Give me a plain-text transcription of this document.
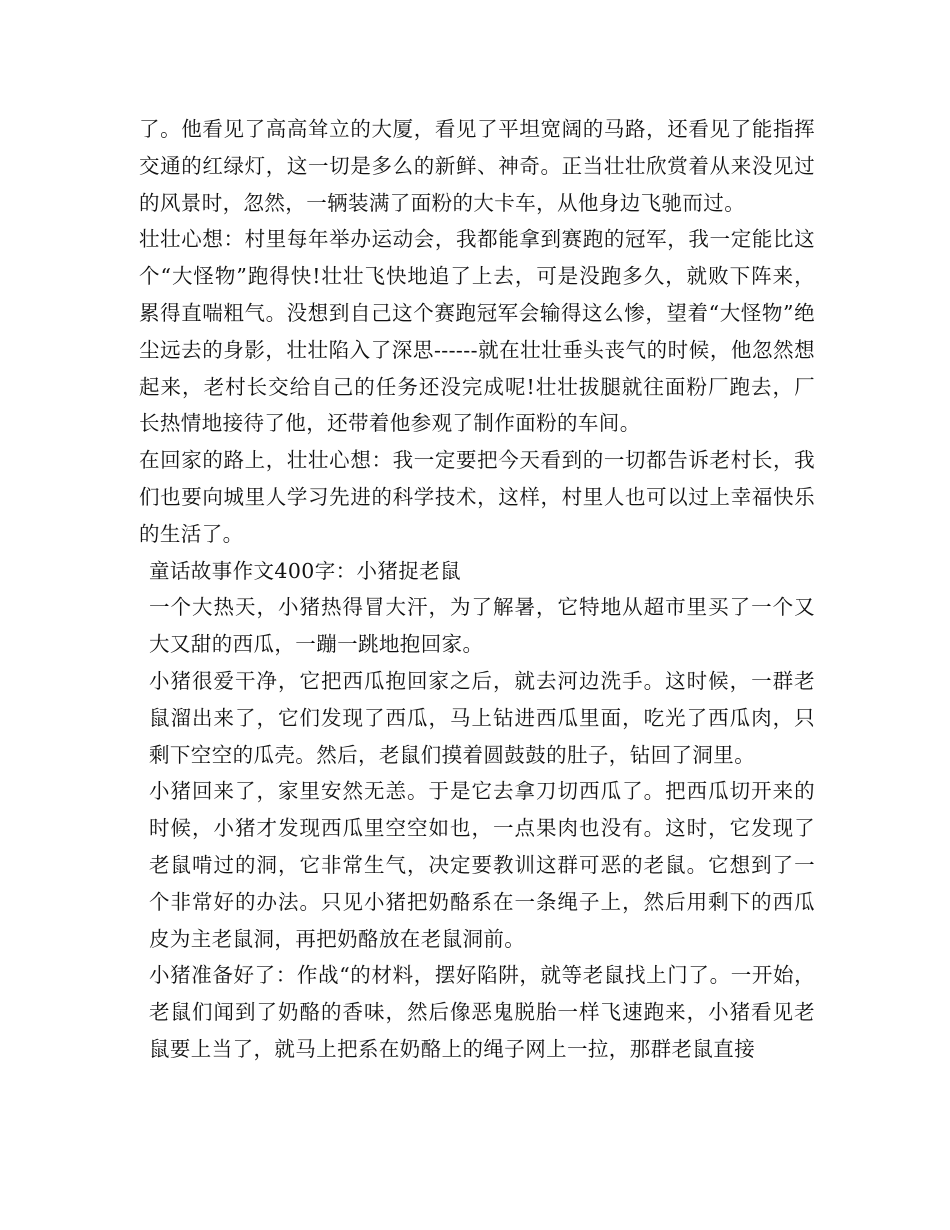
了。他看见了高高耸立的大厦，看见了平坦宽阔的马路，还看见了能指挥交通的红绿灯，这一切是多么的新鲜、神奇。正当壮壮欣赏着从来没见过的风景时，忽然，一辆装满了面粉的大卡车，从他身边飞驰而过。

壮壮心想：村里每年举办运动会，我都能拿到赛跑的冠军，我一定能比这个“大怪物”跑得快!壮壮飞快地追了上去，可是没跑多久，就败下阵来，累得直喘粗气。没想到自己这个赛跑冠军会输得这么惨，望着“大怪物”绝尘远去的身影，壮壮陷入了深思------就在壮壮垂头丧气的时候，他忽然想起来，老村长交给自己的任务还没完成呢!壮壮拔腿就往面粉厂跑去，厂长热情地接待了他，还带着他参观了制作面粉的车间。

在回家的路上，壮壮心想：我一定要把今天看到的一切都告诉老村长，我们也要向城里人学习先进的科学技术，这样，村里人也可以过上幸福快乐的生活了。

童话故事作文400字：小猪捉老鼠

一个大热天，小猪热得冒大汗，为了解暑，它特地从超市里买了一个又大又甜的西瓜，一蹦一跳地抱回家。

小猪很爱干净，它把西瓜抱回家之后，就去河边洗手。这时候，一群老鼠溜出来了，它们发现了西瓜，马上钻进西瓜里面，吃光了西瓜肉，只剩下空空的瓜壳。然后，老鼠们摸着圆鼓鼓的肚子，钻回了洞里。

小猪回来了，家里安然无恙。于是它去拿刀切西瓜了。把西瓜切开来的时候，小猪才发现西瓜里空空如也，一点果肉也没有。这时，它发现了老鼠啃过的洞，它非常生气，决定要教训这群可恶的老鼠。它想到了一个非常好的办法。只见小猪把奶酪系在一条绳子上，然后用剩下的西瓜皮为主老鼠洞，再把奶酪放在老鼠洞前。

小猪准备好了：作战“的材料，摆好陷阱，就等老鼠找上门了。一开始，老鼠们闻到了奶酪的香味，然后像恶鬼脱胎一样飞速跑来，小猪看见老鼠要上当了，就马上把系在奶酪上的绳子网上一拉，那群老鼠直接
